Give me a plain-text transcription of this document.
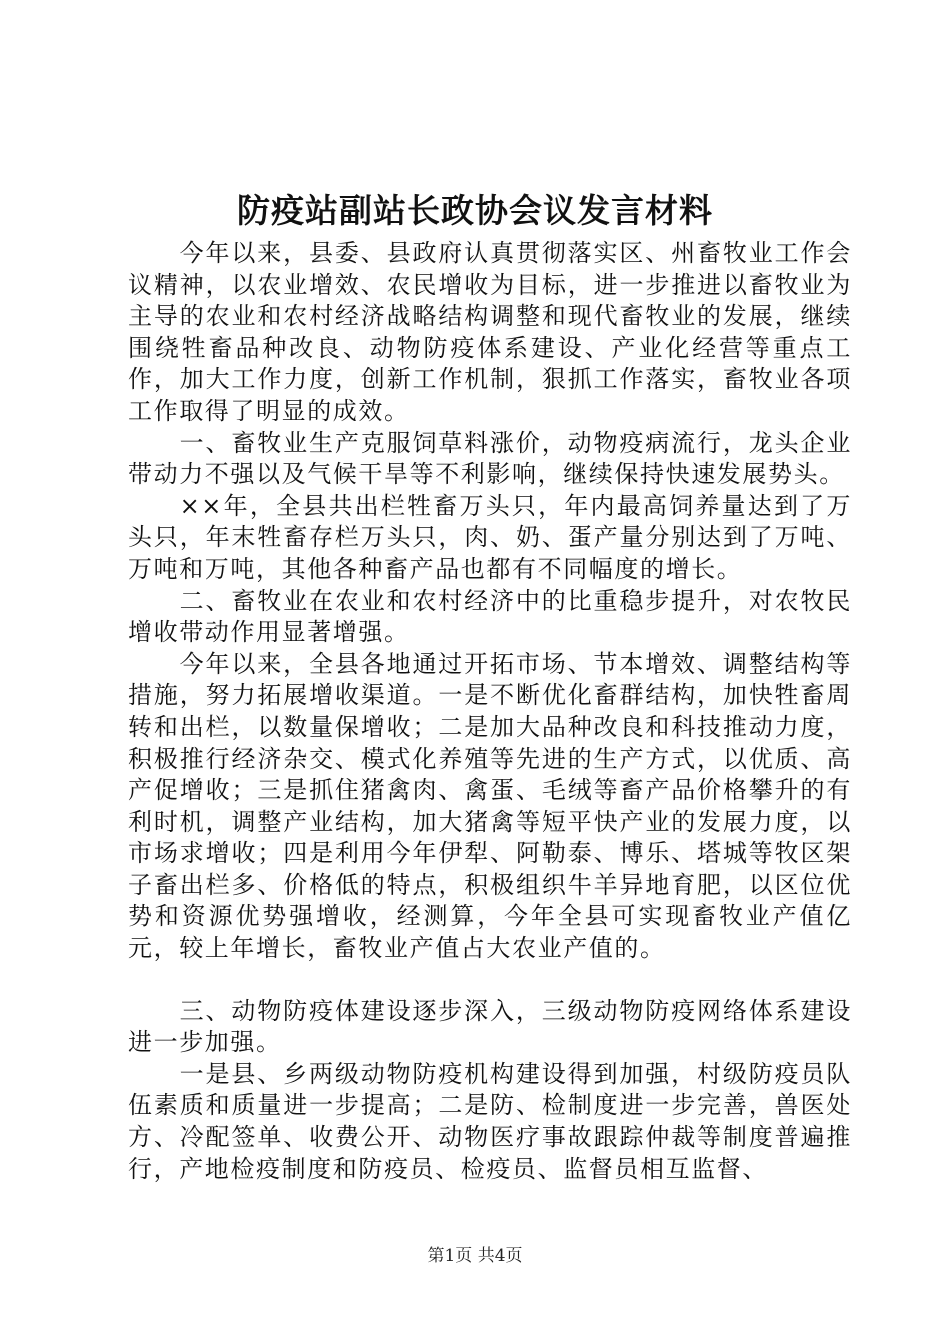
防疫站副站长政协会议发言材料

今年以来，县委、县政府认真贯彻落实区、州畜牧业工作会议精神，以农业增效、农民增收为目标，进一步推进以畜牧业为主导的农业和农村经济战略结构调整和现代畜牧业的发展，继续围绕牲畜品种改良、动物防疫体系建设、产业化经营等重点工作，加大工作力度，创新工作机制，狠抓工作落实，畜牧业各项工作取得了明显的成效。

一、畜牧业生产克服饲草料涨价，动物疫病流行，龙头企业带动力不强以及气候干旱等不利影响，继续保持快速发展势头。

××年，全县共出栏牲畜万头只，年内最高饲养量达到了万头只，年末牲畜存栏万头只，肉、奶、蛋产量分别达到了万吨、万吨和万吨，其他各种畜产品也都有不同幅度的增长。

二、畜牧业在农业和农村经济中的比重稳步提升，对农牧民增收带动作用显著增强。

今年以来，全县各地通过开拓市场、节本增效、调整结构等措施，努力拓展增收渠道。一是不断优化畜群结构，加快牲畜周转和出栏，以数量保增收；二是加大品种改良和科技推动力度，积极推行经济杂交、模式化养殖等先进的生产方式，以优质、高产促增收；三是抓住猪禽肉、禽蛋、毛绒等畜产品价格攀升的有利时机，调整产业结构，加大猪禽等短平快产业的发展力度，以市场求增收；四是利用今年伊犁、阿勒泰、博乐、塔城等牧区架子畜出栏多、价格低的特点，积极组织牛羊异地育肥，以区位优势和资源优势强增收，经测算，今年全县可实现畜牧业产值亿元，较上年增长，畜牧业产值占大农业产值的。

三、动物防疫体建设逐步深入，三级动物防疫网络体系建设进一步加强。

一是县、乡两级动物防疫机构建设得到加强，村级防疫员队伍素质和质量进一步提高；二是防、检制度进一步完善，兽医处方、冷配签单、收费公开、动物医疗事故跟踪仲裁等制度普遍推行，产地检疫制度和防疫员、检疫员、监督员相互监督、

第1页 共4页
